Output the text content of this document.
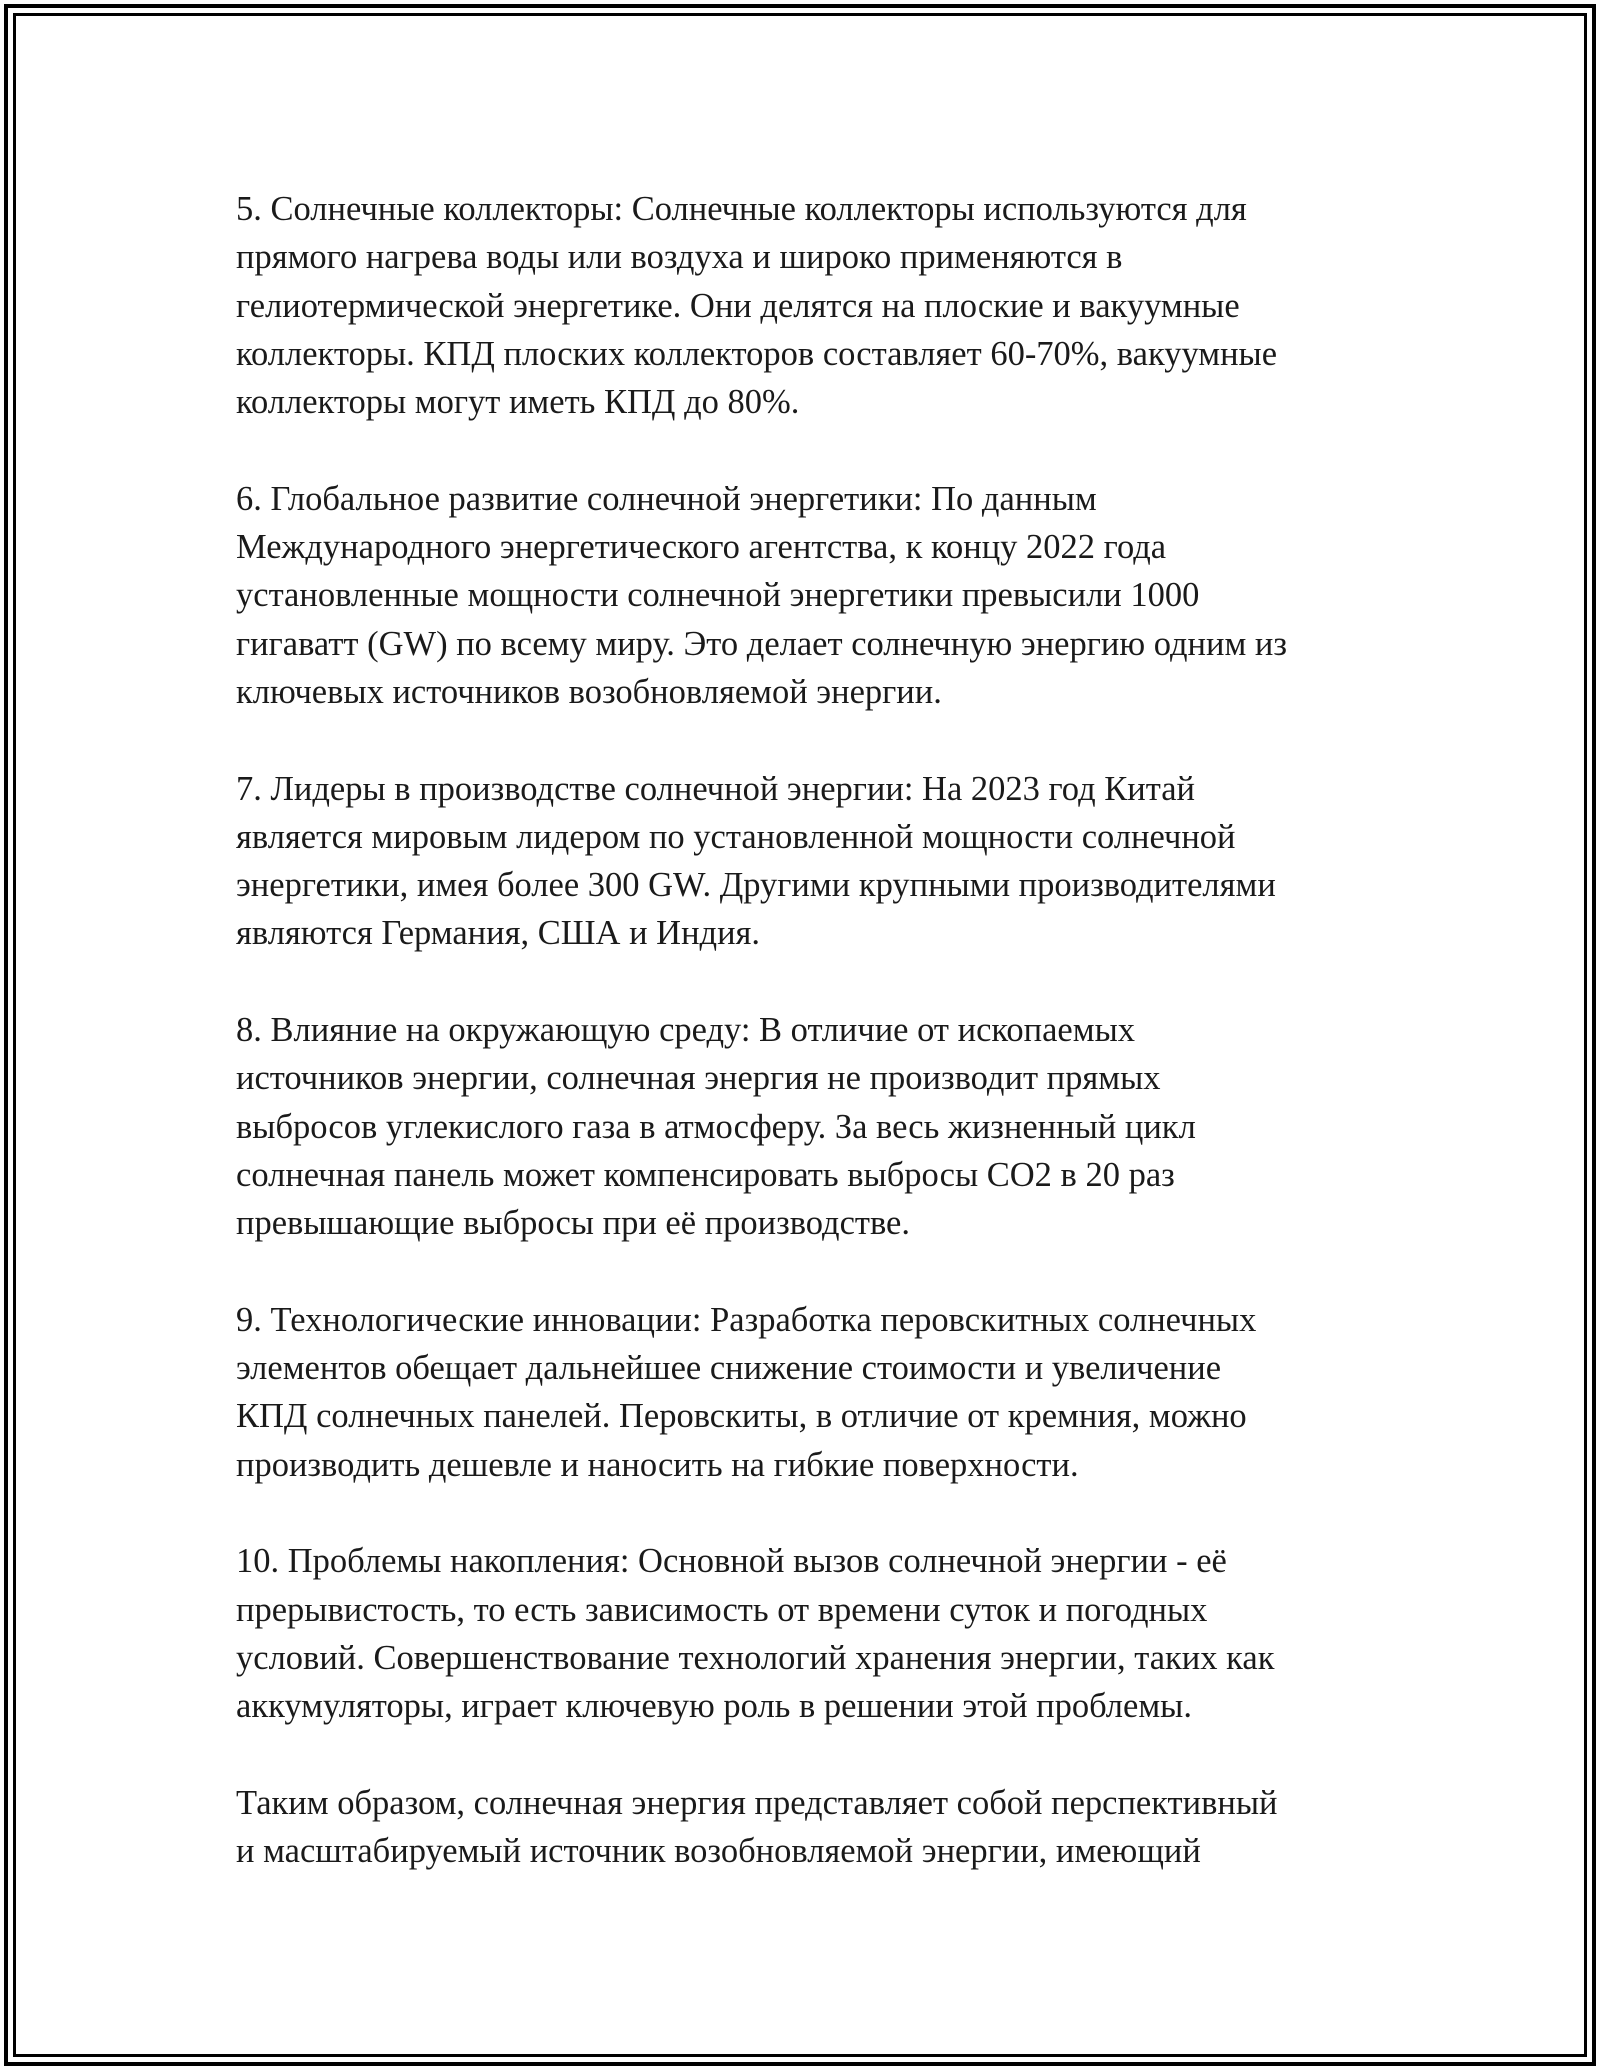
5. Солнечные коллекторы: Солнечные коллекторы используются для
прямого нагрева воды или воздуха и широко применяются в
гелиотермической энергетике. Они делятся на плоские и вакуумные
коллекторы. КПД плоских коллекторов составляет 60-70%, вакуумные
коллекторы могут иметь КПД до 80%.

6. Глобальное развитие солнечной энергетики: По данным
Международного энергетического агентства, к концу 2022 года
установленные мощности солнечной энергетики превысили 1000
гигаватт (GW) по всему миру. Это делает солнечную энергию одним из
ключевых источников возобновляемой энергии.

7. Лидеры в производстве солнечной энергии: На 2023 год Китай
является мировым лидером по установленной мощности солнечной
энергетики, имея более 300 GW. Другими крупными производителями
являются Германия, США и Индия.

8. Влияние на окружающую среду: В отличие от ископаемых
источников энергии, солнечная энергия не производит прямых
выбросов углекислого газа в атмосферу. За весь жизненный цикл
солнечная панель может компенсировать выбросы CO2 в 20 раз
превышающие выбросы при её производстве.

9. Технологические инновации: Разработка перовскитных солнечных
элементов обещает дальнейшее снижение стоимости и увеличение
КПД солнечных панелей. Перовскиты, в отличие от кремния, можно
производить дешевле и наносить на гибкие поверхности.

10. Проблемы накопления: Основной вызов солнечной энергии - её
прерывистость, то есть зависимость от времени суток и погодных
условий. Совершенствование технологий хранения энергии, таких как
аккумуляторы, играет ключевую роль в решении этой проблемы.

Таким образом, солнечная энергия представляет собой перспективный
и масштабируемый источник возобновляемой энергии, имеющий
